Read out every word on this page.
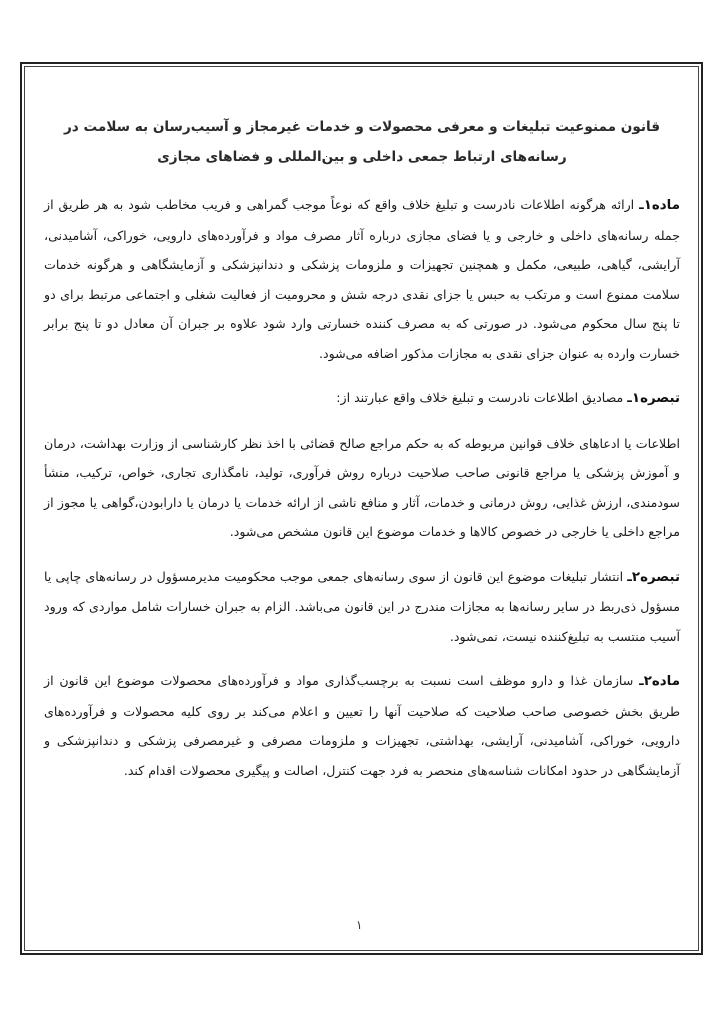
قانون ممنوعیت تبلیغات و معرفی محصولات و خدمات غیرمجاز و آسیب‌رسان به سلامت در
رسانه‌های ارتباط جمعی داخلی و بین‌المللی و فضاهای مجازی

ماده۱ـ ارائه هرگونه اطلاعات نادرست و تبلیغ خلاف واقع که نوعاً موجب گمراهی و فریب مخاطب شود به هر طریق از جمله رسانه‌های داخلی و خارجی و یا فضای مجازی درباره آثار مصرف مواد و فرآورده‌های دارویی، خوراکی، آشامیدنی، آرایشی، گیاهی، طبیعی، مکمل و همچنین تجهیزات و ملزومات پزشکی و دندانپزشکی و آزمایشگاهی و هرگونه خدمات سلامت ممنوع است و مرتکب به حبس یا جزای نقدی درجه شش و محرومیت از فعالیت شغلی و اجتماعی مرتبط برای دو تا پنج سال محکوم می‌شود. در صورتی که به مصرف کننده خسارتی وارد شود علاوه بر جبران آن معادل دو تا پنج برابر خسارت وارده به عنوان جزای نقدی به مجازات مذکور اضافه می‌شود.

تبصره۱ـ مصادیق اطلاعات نادرست و تبلیغ خلاف واقع عبارتند از:

اطلاعات یا ادعاهای خلاف قوانین مربوطه که به حکم مراجع صالح قضائی با اخذ نظر کارشناسی از وزارت بهداشت، درمان و آموزش پزشکی یا مراجع قانونی صاحب صلاحیت درباره روش فرآوری، تولید، نامگذاری تجاری، خواص، ترکیب، منشأ سودمندی، ارزش غذایی، روش درمانی و خدمات، آثار و منافع ناشی از ارائه خدمات یا درمان یا دارابودن،گواهی یا مجوز از مراجع داخلی یا خارجی در خصوص کالاها و خدمات موضوع این قانون مشخص می‌شود.

تبصره۲ـ انتشار تبلیغات موضوع این قانون از سوی رسانه‌های جمعی موجب محکومیت مدیرمسؤول در رسانه‌های چاپی یا مسؤول ذی‌ربط در سایر رسانه‌ها به مجازات مندرج در این قانون می‌باشد. الزام به جبران خسارات شامل مواردی که ورود آسیب منتسب به تبلیغ‌کننده نیست، نمی‌شود.

ماده۲ـ سازمان غذا و دارو موظف است نسبت به برچسب‌گذاری مواد و فرآورده‌های محصولات موضوع این قانون از طریق بخش خصوصی صاحب صلاحیت که صلاحیت آنها را تعیین و اعلام می‌کند بر روی کلیه محصولات و فرآورده‌های دارویی، خوراکی، آشامیدنی، آرایشی، بهداشتی، تجهیزات و ملزومات مصرفی و غیرمصرفی پزشکی و دندانپزشکی و آزمایشگاهی در حدود امکانات شناسه‌های منحصر به فرد جهت کنترل، اصالت و پیگیری محصولات اقدام کند.

۱
